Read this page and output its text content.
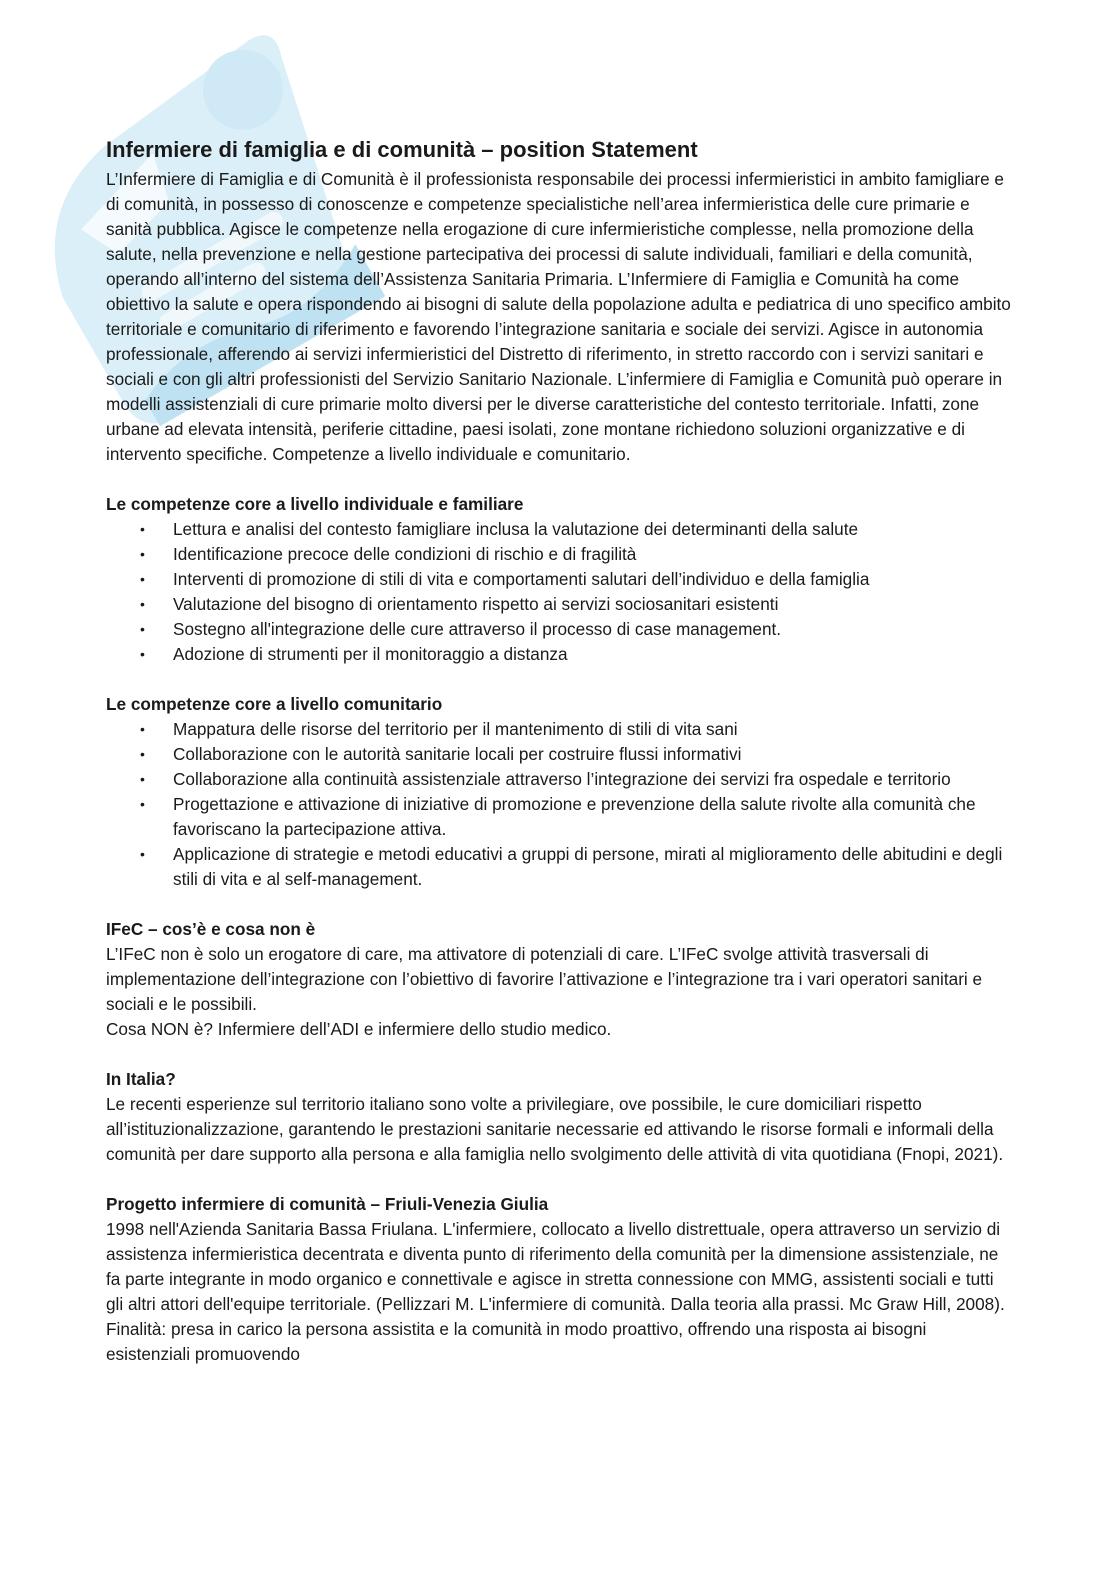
Infermiere di famiglia e di comunità – position Statement

L’Infermiere di Famiglia e di Comunità è il professionista responsabile dei processi infermieristici in ambito famigliare e di comunità, in possesso di conoscenze e competenze specialistiche nell’area infermieristica delle cure primarie e sanità pubblica. Agisce le competenze nella erogazione di cure infermieristiche complesse, nella promozione della salute, nella prevenzione e nella gestione partecipativa dei processi di salute individuali, familiari e della comunità, operando all’interno del sistema dell’Assistenza Sanitaria Primaria. L’Infermiere di Famiglia e Comunità ha come obiettivo la salute e opera rispondendo ai bisogni di salute della popolazione adulta e pediatrica di uno specifico ambito territoriale e comunitario di riferimento e favorendo l’integrazione sanitaria e sociale dei servizi. Agisce in autonomia professionale, afferendo ai servizi infermieristici del Distretto di riferimento, in stretto raccordo con i servizi sanitari e sociali e con gli altri professionisti del Servizio Sanitario Nazionale. L’infermiere di Famiglia e Comunità può operare in modelli assistenziali di cure primarie molto diversi per le diverse caratteristiche del contesto territoriale. Infatti, zone urbane ad elevata intensità, periferie cittadine, paesi isolati, zone montane richiedono soluzioni organizzative e di intervento specifiche. Competenze a livello individuale e comunitario.

Le competenze core a livello individuale e familiare

• Lettura e analisi del contesto famigliare inclusa la valutazione dei determinanti della salute
• Identificazione precoce delle condizioni di rischio e di fragilità
• Interventi di promozione di stili di vita e comportamenti salutari dell’individuo e della famiglia
• Valutazione del bisogno di orientamento rispetto ai servizi sociosanitari esistenti
• Sostegno all'integrazione delle cure attraverso il processo di case management.
• Adozione di strumenti per il monitoraggio a distanza

Le competenze core a livello comunitario

• Mappatura delle risorse del territorio per il mantenimento di stili di vita sani
• Collaborazione con le autorità sanitarie locali per costruire flussi informativi
• Collaborazione alla continuità assistenziale attraverso l’integrazione dei servizi fra ospedale e territorio
• Progettazione e attivazione di iniziative di promozione e prevenzione della salute rivolte alla comunità che favoriscano la partecipazione attiva.
• Applicazione di strategie e metodi educativi a gruppi di persone, mirati al miglioramento delle abitudini e degli stili di vita e al self-management.

IFeC – cos’è e cosa non è

L’IFeC non è solo un erogatore di care, ma attivatore di potenziali di care. L’IFeC svolge attività trasversali di implementazione dell’integrazione con l’obiettivo di favorire l’attivazione e l’integrazione tra i vari operatori sanitari e sociali e le possibili.

Cosa NON è? Infermiere dell’ADI e infermiere dello studio medico.

In Italia?

Le recenti esperienze sul territorio italiano sono volte a privilegiare, ove possibile, le cure domiciliari rispetto all’istituzionalizzazione, garantendo le prestazioni sanitarie necessarie ed attivando le risorse formali e informali della comunità per dare supporto alla persona e alla famiglia nello svolgimento delle attività di vita quotidiana (Fnopi, 2021).

Progetto infermiere di comunità – Friuli-Venezia Giulia

1998 nell'Azienda Sanitaria Bassa Friulana. L'infermiere, collocato a livello distrettuale, opera attraverso un servizio di assistenza infermieristica decentrata e diventa punto di riferimento della comunità per la dimensione assistenziale, ne fa parte integrante in modo organico e connettivale e agisce in stretta connessione con MMG, assistenti sociali e tutti gli altri attori dell'equipe territoriale. (Pellizzari M. L'infermiere di comunità. Dalla teoria alla prassi. Mc Graw Hill, 2008). Finalità: presa in carico la persona assistita e la comunità in modo proattivo, offrendo una risposta ai bisogni esistenziali promuovendo
